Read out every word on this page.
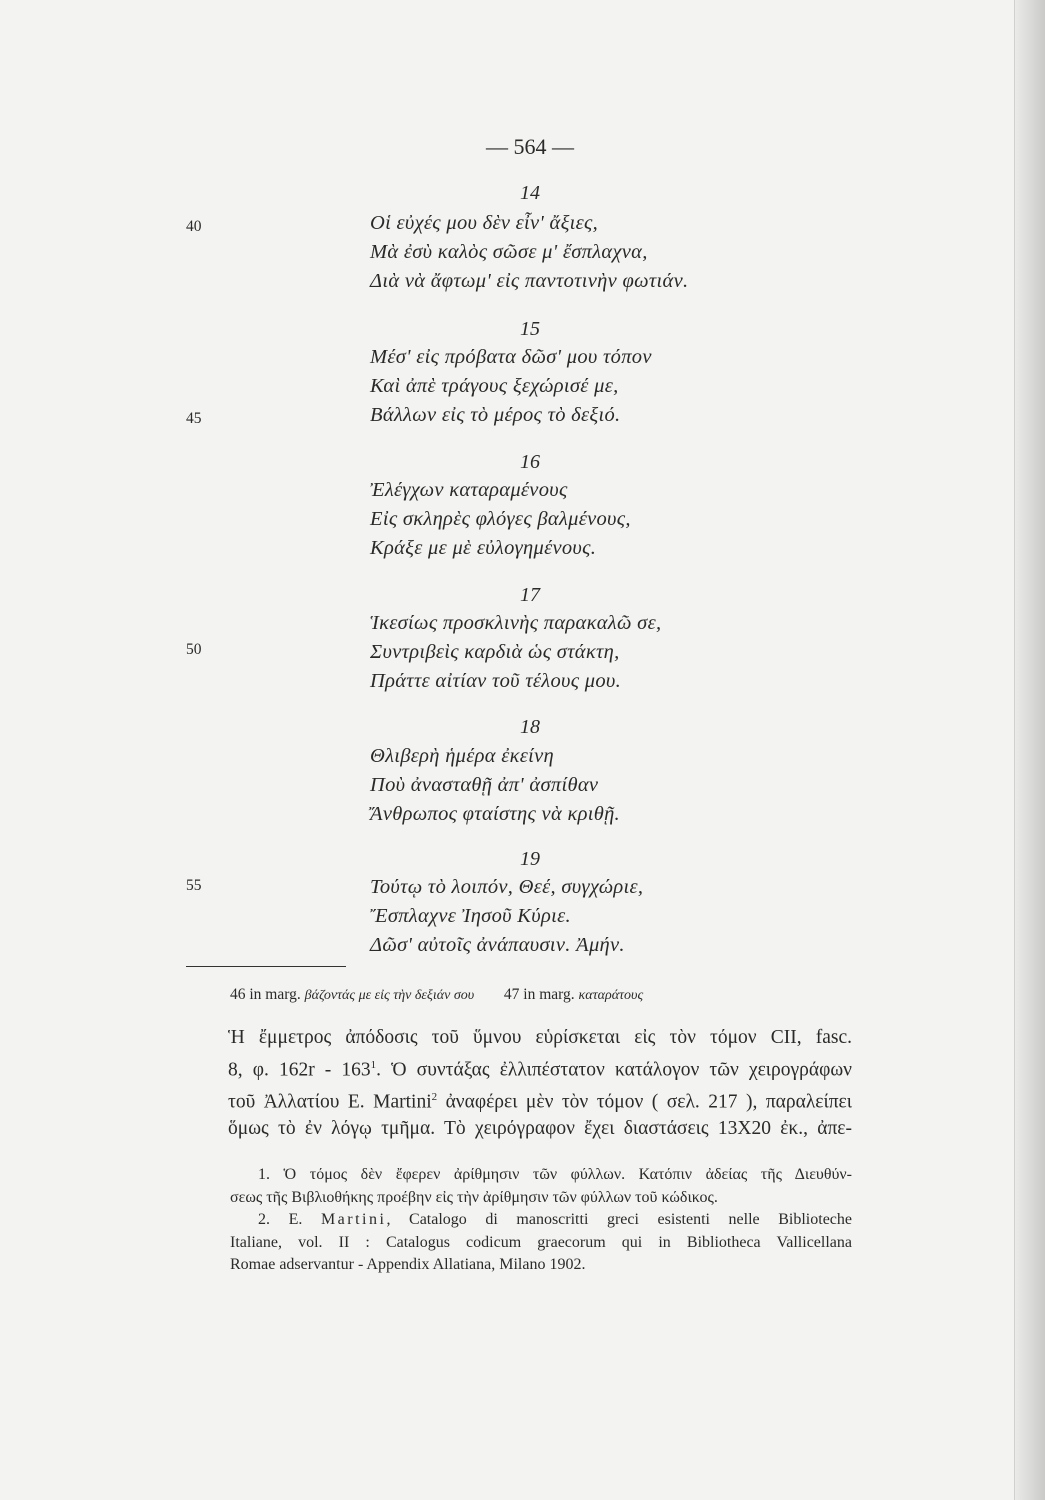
— 564 —
40
45
50
55
14
Οἱ εὐχές μου δὲν εἶν' ἄξιες,
Μὰ ἐσὺ καλὸς σῶσε μ' ἔσπλαχνα,
Διὰ νὰ ἄφτωμ' εἰς παντοτινὴν φωτιάν.
15
Μέσ' εἰς πρόβατα δῶσ' μου τόπον
Καὶ ἀπὲ τράγους ξεχώρισέ με,
Βάλλων εἰς τὸ μέρος τὸ δεξιό.
16
Ἐλέγχων καταραμένους
Εἰς σκληρὲς φλόγες βαλμένους,
Κράξε με μὲ εὐλογημένους.
17
Ἱκεσίως προσκλινὴς παρακαλῶ σε,
Συντριβεὶς καρδιὰ ὡς στάκτη,
Πράττε αἰτίαν τοῦ τέλους μου.
18
Θλιβερὴ ἡμέρα ἐκείνη
Ποὺ ἀνασταθῇ ἀπ' ἀσπίθαν
Ἄνθρωπος φταίστης νὰ κριθῇ.
19
Τούτῳ τὸ λοιπόν, Θεέ, συγχώριε,
Ἔσπλαχνε Ἰησοῦ Κύριε.
Δῶσ' αὐτοῖς ἀνάπαυσιν. Ἀμήν.
46 in marg. βάζοντάς με εἰς τὴν δεξιάν σου 47 in marg. καταράτους
Ἡ ἔμμετρος ἀπόδοσις τοῦ ὕμνου εὑρίσκεται εἰς τὸν τόμον CII, fasc.
8, φ. $162r - 163^1$. Ὁ συντάξας ἐλλιπέστατον κατάλογον τῶν χειρογράφων
τοῦ Ἀλλατίου Ε. Martini$^2$ ἀναφέρει μὲν τὸν τόμον ( σελ. 217 ), παραλείπει
ὅμως τὸ ἐν λόγῳ τμῆμα. Τὸ χειρόγραφον ἔχει διαστάσεις 13Χ20 ἐκ., ἀπε-
1. Ὁ τόμος δὲν ἔφερεν ἀρίθμησιν τῶν φύλλων. Κατόπιν ἀδείας τῆς Διευθύν-
σεως τῆς Βιβλιοθήκης προέβην εἰς τὴν ἀρίθμησιν τῶν φύλλων τοῦ κώδικος.
2. E. Martini, Catalogo di manoscritti greci esistenti nelle Biblioteche
Italiane, vol. II : Catalogus codicum graecorum qui in Bibliotheca Vallicellana
Romae adservantur - Appendix Allatiana, Milano 1902.
